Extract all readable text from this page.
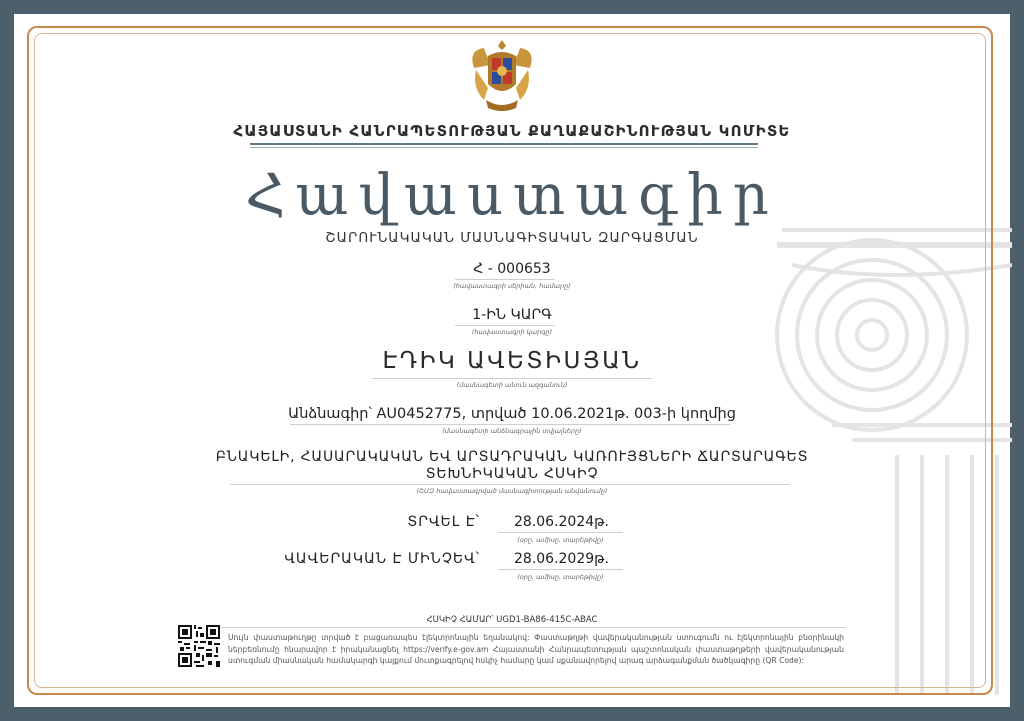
ՀԱՅԱՍՏԱՆԻ ՀԱՆՐԱՊԵՏՈՒԹՅԱՆ ՔԱՂԱՔԱՇԻՆՈՒԹՅԱՆ ԿՈՄԻՏԵ
Հավաստագիր
ՇԱՐՈՒՆԱԿԱԿԱՆ ՄԱՍՆԱԳԻՏԱԿԱՆ ԶԱՐԳԱՑՄԱՆ
Հ - 000653
(հավաստագրի սերիան, համարը)
1-ԻՆ ԿԱՐԳ
(հավաստագրի կարգը)
ԷԴԻԿ ԱՎԵՏԻՍՅԱՆ
(մասնագետի անուն ազգանուն)
Անձնագիր՝ AU0452775, տրված 10.06.2021թ. 003-ի կողմից
(մասնագետի անձնագրային տվյալները)
ԲՆԱԿԵԼԻ, ՀԱՍԱՐԱԿԱԿԱՆ ԵՎ ԱՐՏԱԴՐԱԿԱՆ ԿԱՌՈՒՅՑՆԵՐԻ ՃԱՐՏԱՐԱԳԵՏ
ՏԵԽՆԻԿԱԿԱՆ ՀՍԿԻՉ
(ՇՄԶ հավաստագրված մասնագիտության անվանումը)
ՏՐՎԵԼ Է՝ 28.06.2024թ.
(օրը, ամիսը, տարեթիվը)
ՎԱՎԵՐԱԿԱՆ Է ՄԻՆՉԵՎ՝ 28.06.2029թ.
(օրը, ամիսը, տարեթիվը)
ՀՍԿԻՉ ՀԱՄԱՐ՝ UGD1-BA86-415C-ABAC
Սույն փաստաթուղթը տրված է բացառապես էլեկտրոնային եղանակով: Փաստաթղթի վավերականության ստուգումն ու էլեկտրոնային բնօրինակի ներբեռնումը հնարավոր է իրականացնել https://verify.e-gov.am Հայաստանի Հանրապետության պաշտոնական փաստաթղթերի վավերականության ստուգման միասնական համակարգի կայքում մուտքագրելով հսկիչ համարը կամ սքանավորելով արագ արձագանքման ծածկագիրը (QR Code):
